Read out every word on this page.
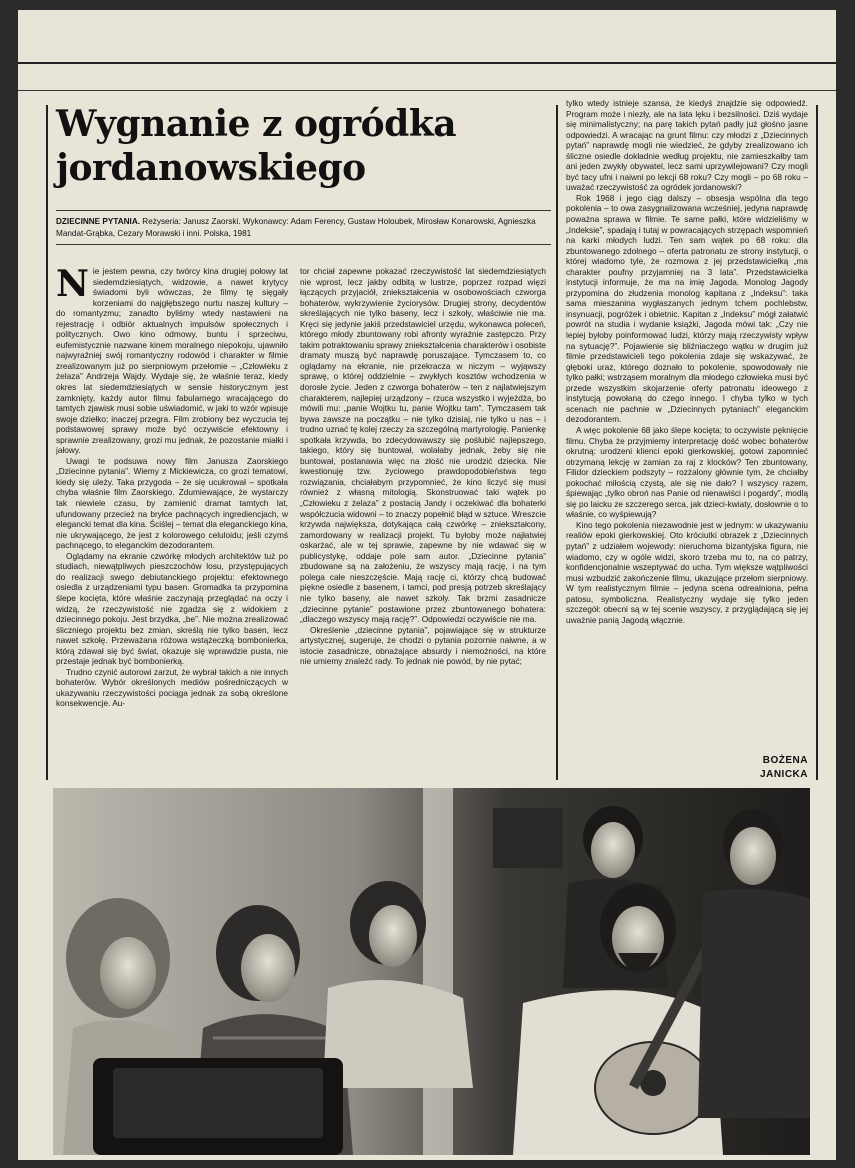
Wygnanie z ogródka jordanowskiego
DZIECINNE PYTANIA. Reżyseria: Janusz Zaorski. Wykonawcy: Adam Ferency, Gustaw Holoubek, Mirosław Konarowski, Agnieszka Mandat-Grąbka, Cezary Morawski i inni. Polska, 1981

Nie jestem pewna, czy twórcy kina drugiej połowy lat siedemdziesiątych, widzowie, a nawet krytycy świadomi byli wówczas, że filmy tę sięgały korzeniami do najgłębszego nurtu naszej kultury – do romantyzmu; zanadto byliśmy wtedy nastawieni na rejestrację i odbiór aktualnych impulsów społecznych i politycznych. Owo kino odmowy, buntu i sprzeciwu, eufemistycznie nazwane kinem moralnego niepokoju, ujawniło najwyraźniej swój romantyczny rodowód i charakter w filmie zrealizowanym już po sierpniowym przełomie – „Człowieku z żelaza” Andrzeja Wajdy. Wydaje się, że właśnie teraz, kiedy okres lat siedemdziesiątych w sensie historycznym jest zamknięty, każdy autor filmu fabularnego wracającego do tamtych zjawisk musi sobie uświadomić, w jaki to wzór wpisuje swoje dziełko; inaczej przegra. Film zrobiony bez wyczucia tej podstawowej sprawy może być oczywiście efektowny i sprawnie zrealizowany, grozi mu jednak, że pozostanie miałki i jałowy.

Uwagi te podsuwa nowy film Janusza Zaorskiego „Dziecinne pytania”. Wiemy z Mickiewicza, co grozi tematowi, kiedy się uleży. Taka przygoda – że się ucukrował – spotkała chyba właśnie film Zaorskiego. Zdumiewające, że wystarczy tak niewiele czasu, by zamienić dramat tamtych lat, ufundowany przecież na bryłce pachnących ingrediencjach, w elegancki temat dla kina. Ściślej – temat dla eleganckiego kina, nie ukrywającego, że jest z kolorowego celuloidu; jeśli czymś pachnącego, to eleganckim dezodorantem.

Oglądamy na ekranie czwórkę młodych architektów tuż po studiach, niewątpliwych pieszczochów losu, przystępujących do realizacji swego debiutanckiego projektu: efektownego osiedla z urządzeniami typu basen. Gromadka ta przypomina ślepe kocięta, które właśnie zaczynają przeglądać na oczy i widzą, że rzeczywistość nie zgadza się z widokiem z dziecinnego pokoju. Jest brzydka, „be”. Nie można zrealizować śliczniego projektu bez zmian, skreślą nie tylko basen, lecz nawet szkołę. Przeważana różowa wstążeczką bombonierka, którą zdawał się być świat, okazuje się wprawdzie pusta, nie przestaje jednak być bombonierką.

Trudno czynić autorowi zarzut, że wybrał takich a nie innych bohaterów. Wybór określonych mediów pośredniczących w ukazywaniu rzeczywistości pociąga jednak za sobą określone konsekwencje. Au-

tor chciał zapewne pokazać rzeczywistość lat siedemdziesiątych nie wprost, lecz jakby odbitą w lustrze, poprzez rozpad więzi łączących przyjaciół, zniekształcenia w osobowościach czworga bohaterów, wykrzywienie życiorysów. Drugiej strony, decydentów skreślających nie tylko baseny, lecz i szkoły, właściwie nie ma. Kręci się jedynie jakiś przedstawiciel urzędu, wykonawca poleceń, którego młody zbuntowany robi afronty wyraźnie zastępczo. Przy takim potraktowaniu sprawy zniekształcenia charakterów i osobiste dramaty muszą być naprawdę poruszające. Tymczasem to, co oglądamy na ekranie, nie przekracza w niczym – wyjąwszy sprawę, o której oddzielnie – zwykłych kosztów wchodzenia w dorosłe życie. Jeden z czworga bohaterów – ten z najlatwiejszym charakterem, najlepiej urządzony – rzuca wszystko i wyjeżdża, bo mówili mu: „panie Wojtku tu, panie Wojtku tam”. Tymczasem tak bywa zawsze na początku – nie tylko dzisiaj, nie tylko u nas – i trudno uznać tę kolej rzeczy za szczególną martyrologię. Panienkę spotkała krzywda, bo zdecydowawszy się poślubić najlepszego, takiego, który się buntował, wolałaby jednak, żeby się nie buntował, postanawia więc na złość nie urodzić dziecka. Nie kwestionuję tzw. życiowego prawdopodobieństwa tego rozwiązania, chciałabym przypomnieć, że kino liczyć się musi również z własną mitologią. Skonstruować taki wątek po „Człowieku z żelaza” z postacią Jandy i oczekiwać dla bohaterki współczucia widowni – to znaczy popełnić błąd w sztuce. Wreszcie krzywda największa, dotykająca całą czwórkę – zniekształcony, zamordowany w realizacji projekt. Tu byłoby może najłatwiej oskarżać, ale w tej sprawie, zapewne by nie wdawać się w publicystykę, oddaje pole sam autor. „Dziecinne pytania” zbudowane są na założeniu, że wszyscy mają rację, i na tym polega całe nieszczęście. Mają rację ci, którzy chcą budować piękne osiedle z basenem, i tamci, pod presją potrzeb skreślający nie tylko baseny, ale nawet szkoły. Tak brzmi zasadnicze „dziecinne pytanie” postawione przez zbuntowanego bohatera: „dlaczego wszyscy mają rację?”. Odpowiedzi oczywiście nie ma.

Określenie „dziecinne pytania”, pojawiające się w strukturze artystycznej, sugeruje, że chodzi o pytania pozornie naiwne, a w istocie zasadnicze, obnażające absurdy i niemożności, na które nie umiemy znaleźć rady. To jednak nie powód, by nie pytać;

tylko wtedy istnieje szansa, że kiedyś znajdzie się odpowiedź. Program może i niezły, ale na lata lęku i bezsilności. Dziś wydaje się minimalistyczny; na parę takich pytań padły już głośno jasne odpowiedzi. A wracając na grunt filmu: czy młodzi z „Dziecinnych pytań” naprawdę mogli nie wiedzieć, że gdyby zrealizowano ich śliczne osiedle dokładnie według projektu, nie zamieszkałby tam ani jeden zwykły obywatel, lecz sami uprzywilejowani? Czy mogli być tacy ufni i naiwni po lekcji 68 roku? Czy mogli – po 68 roku – uważać rzeczywistość za ogródek jordanowski?

Rok 1968 i jego ciąg dalszy – obsesja wspólna dla tego pokolenia – to owa zasygnalizowana wcześniej, jedyna naprawdę poważna sprawa w filmie. Te same pałki, które widzieliśmy w „Indeksie”, spadają i tutaj w powracających strzępach wspomnień na karki młodych ludzi. Ten sam wątek po 68 roku: dla zbuntowanego zdolnego – oferta patronatu ze strony instytucji, o której wiadomo tyle, że rozmowa z jej przedstawicielką „ma charakter poufny przyjamniej na 3 lata”. Przedstawicielka instytucji informuje, że ma na imię Jagoda. Monolog Jagody przypomina do złudzenia monolog kapitana z „Indeksu”: taka sama mieszanina wygłaszanych jednym tchem pochlebstw, insynuacji, pogróżek i obietnic. Kapitan z „Indeksu” mógł załatwić powrót na studia i wydanie książki, Jagoda mówi tak: „Czy nie lepiej byłoby poinformować ludzi, którzy mają rzeczywisty wpływ na sytuację?”. Pojawienie się bliźniaczego wątku w drugim już filmie przedstawicieli tego pokolenia zdaje się wskazywać, że głęboki uraz, którego doznało to pokolenie, spowodowały nie tylko pałki; wstrząsem moralnym dla młodego człowieka musi być przede wszystkim skojarzenie oferty patronatu ideowego z instytucją powołaną do czego innego. I chyba tylko w tych scenach nie pachnie w „Dziecinnych pytaniach” eleganckim dezodorantem.

A więc pokolenie 68 jako ślepe kocięta; to oczywiste pęknięcie filmu. Chyba że przyjmiemy interpretację dość wobec bohaterów okrutną: urodzeni klienci epoki gierkowskiej, gotowi zapomnieć otrzymaną lekcję w zamian za raj z klocków? Ten zbuntowany, Filidor dzieckiem podszyty – rozżalony głównie tym, że chciałby pokochać miłością czystą, ale się nie dało? I wszyscy razem, śpiewając „tylko obroń nas Panie od nienawiści i pogardy”, modlą się po laicku ze szczerego serca, jak dzieci-kwiaty, dosłownie o to właśnie, co wyśpiewują?

Kino tego pokolenia niezawodnie jest w jednym: w ukazywaniu realiów epoki gierkowskiej. Oto króciutki obrazek z „Dziecinnych pytań” z udziałem wojewody: nieruchoma bizantyjska figura, nie wiadomo, czy w ogóle widzi, skoro trzeba mu to, na co patrzy, konfidencjonalnie wszeptywać do ucha. Tym większe wątpliwości musi wzbudzić zakończenie filmu, ukazujące przełom sierpniowy. W tym realistycznym filmie – jedyna scena odrealniona, pełna patosu, symboliczna. Realistyczny wydaje się tylko jeden szczegół: obecni są w tej scenie wszyscy, z przyglądającą się jej uważnie panią Jagodą włącznie.

BOŻENA
JANICKA
